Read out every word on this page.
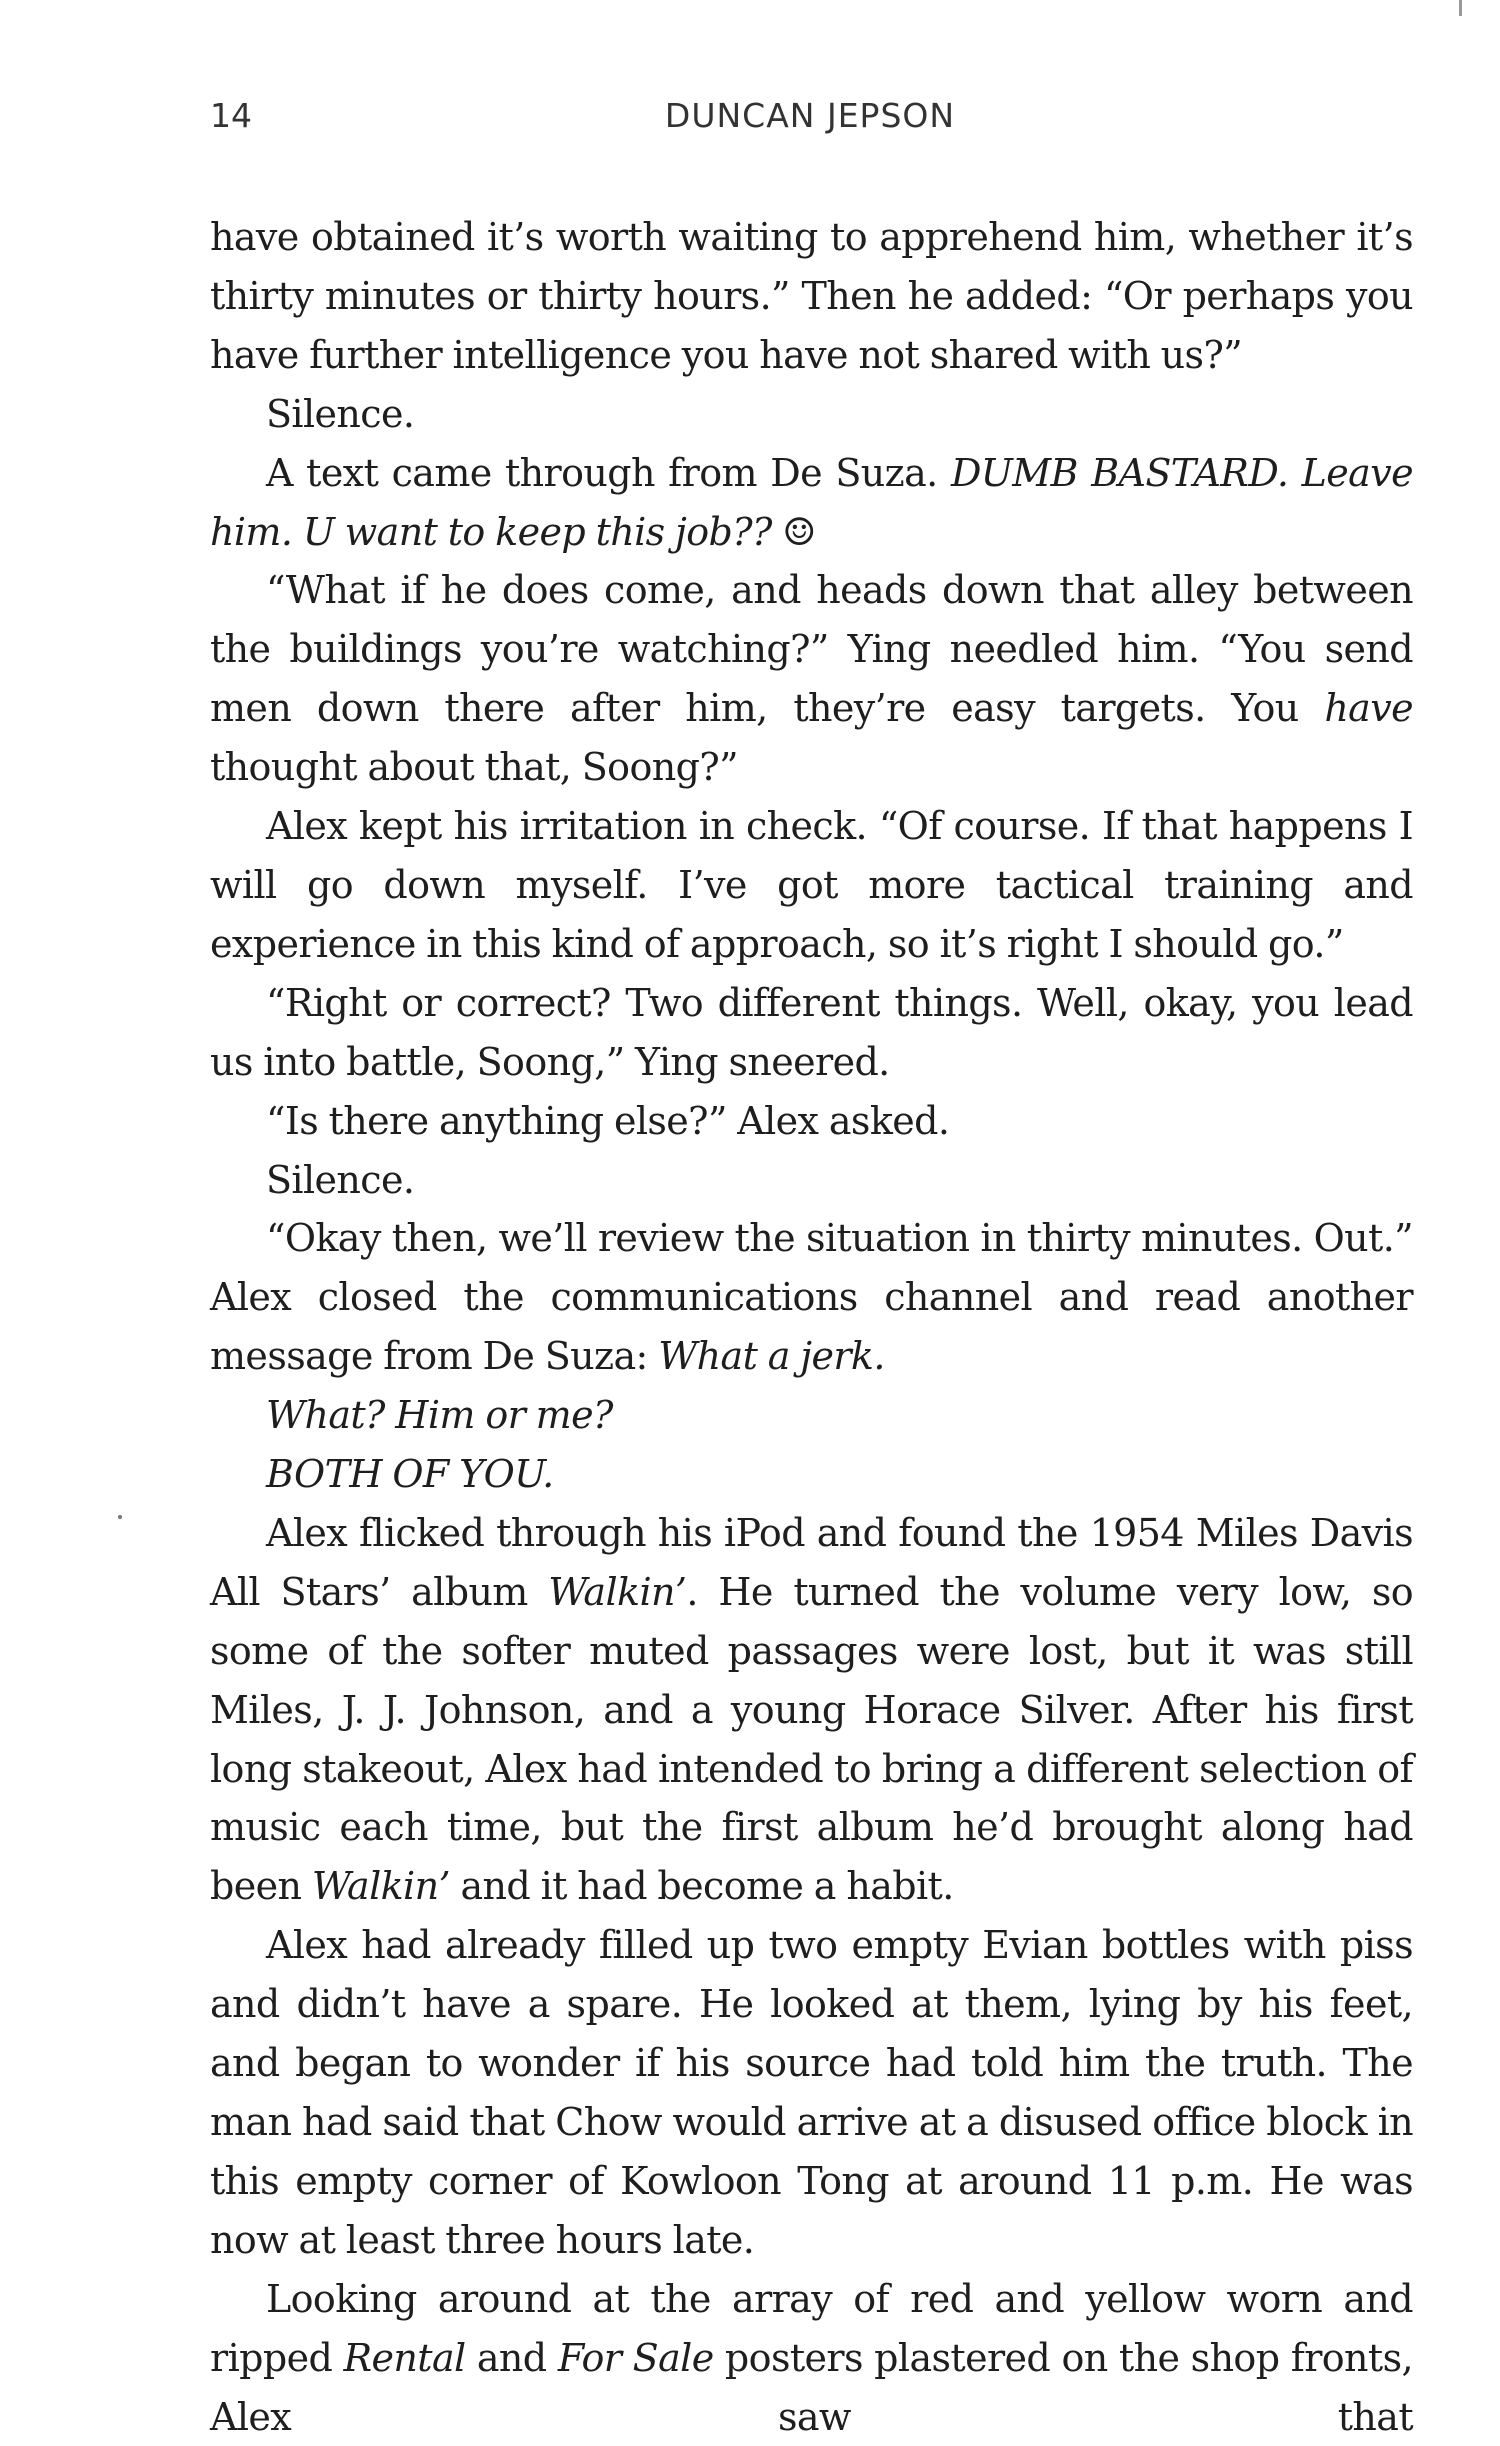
14	DUNCAN JEPSON

have obtained it’s worth waiting to apprehend him, whether it’s thirty minutes or thirty hours.” Then he added: “Or perhaps you have further intelligence you have not shared with us?”

Silence.

A text came through from De Suza. DUMB BASTARD. Leave him. U want to keep this job?? ☺

“What if he does come, and heads down that alley between the buildings you’re watching?” Ying needled him. “You send men down there after him, they’re easy targets. You have thought about that, Soong?”

Alex kept his irritation in check. “Of course. If that happens I will go down myself. I’ve got more tactical training and experience in this kind of approach, so it’s right I should go.”

“Right or correct? Two different things. Well, okay, you lead us into battle, Soong,” Ying sneered.

“Is there anything else?” Alex asked.

Silence.

“Okay then, we’ll review the situation in thirty minutes. Out.” Alex closed the communications channel and read another message from De Suza: What a jerk.

What? Him or me?

BOTH OF YOU.

Alex flicked through his iPod and found the 1954 Miles Davis All Stars’ album Walkin’. He turned the volume very low, so some of the softer muted passages were lost, but it was still Miles, J. J. Johnson, and a young Horace Silver. After his first long stakeout, Alex had intended to bring a different selection of music each time, but the first album he’d brought along had been Walkin’ and it had become a habit.

Alex had already filled up two empty Evian bottles with piss and didn’t have a spare. He looked at them, lying by his feet, and began to wonder if his source had told him the truth. The man had said that Chow would arrive at a disused office block in this empty corner of Kowloon Tong at around 11 p.m. He was now at least three hours late.

Looking around at the array of red and yellow worn and ripped Rental and For Sale posters plastered on the shop fronts, Alex saw that
